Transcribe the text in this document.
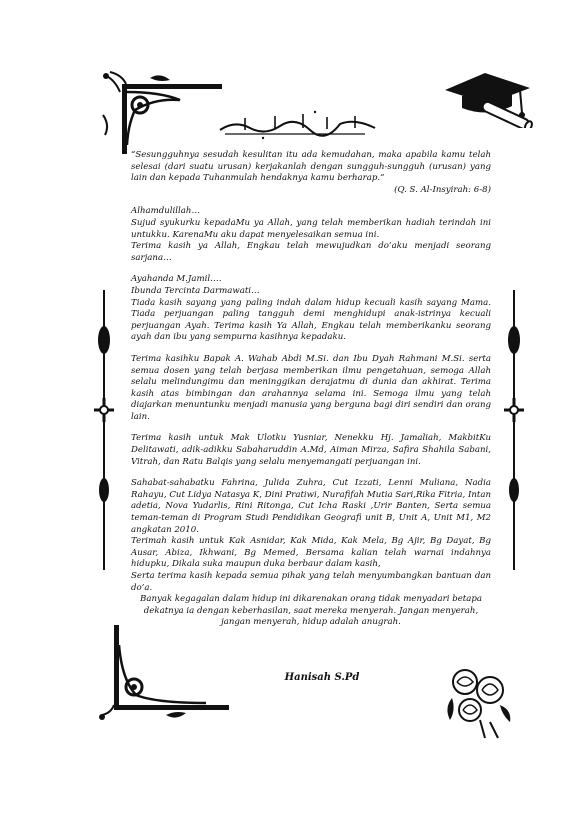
“Sesungguhnya sesudah kesulitan itu ada kemudahan, maka apabila kamu telah selesai (dari suatu urusan) kerjakanlah dengan sungguh-sungguh (urusan) yang lain dan kepada Tuhanmulah hendaknya kamu berharap.”

(Q. S. Al-Insyirah: 6-8)

Alhamdulillah…

Sujud syukurku kepadaMu ya Allah, yang telah memberikan hadiah terindah ini untukku. KarenaMu aku dapat menyelesaikan semua ini.

Terima kasih ya Allah, Engkau telah mewujudkan do’aku menjadi seorang sarjana…

Ayahanda M.Jamil….

Ibunda Tercinta Darmawati…

Tiada kasih sayang yang paling indah dalam hidup kecuali kasih sayang Mama. Tiada perjuangan paling tangguh demi menghidupi anak-istrinya kecuali perjuangan Ayah. Terima kasih Ya Allah, Engkau telah memberikanku seorang ayah dan ibu yang sempurna kasihnya kepadaku.

Terima kasihku Bapak A. Wahab Abdi M.Si. dan Ibu Dyah Rahmani M.Si. serta semua dosen yang telah berjasa memberikan ilmu pengetahuan, semoga Allah selalu melindungimu dan meninggikan derajatmu di dunia dan akhirat. Terima kasih atas bimbingan dan arahannya selama ini. Semoga ilmu yang telah diajarkan menuntunku menjadi manusia yang berguna bagi diri sendiri dan orang lain.

Terima kasih untuk Mak Ulotku Yusniar, Nenekku Hj. Jamaliah, MakbitKu Delitawati, adik-adikku Sabaharuddin A.Md, Aiman Mirza, Safira Shahila Sabani, Vitrah, dan Ratu Balqis yang selalu menyemangati perjuangan ini.

Sahabat-sahabatku Fahrina, Julida Zuhra, Cut Izzati, Lenni Muliana, Nadia Rahayu, Cut Lidya Natasya K, Dini Pratiwi, Nurafifah Mutia Sari,Rika Fitria, Intan adetia, Nova Yudarlis, Rini Ritonga, Cut Icha Raski ,Urir Banten, Serta semua teman-teman di Program Studi Pendidikan Geografi unit B, Unit A, Unit M1, M2 angkatan 2010.

Terimah kasih untuk Kak Asnidar, Kak Mida, Kak Mela, Bg Ajir, Bg Dayat, Bg Ausar, Abiza, Ikhwani, Bg Memed, Bersama kalian telah warnai indahnya hidupku, Dikala suka maupun duka berbaur dalam kasih,

Serta terima kasih kepada semua pihak yang telah menyumbangkan bantuan dan do’a.

Banyak kegagalan dalam hidup ini dikarenakan orang tidak menyadari betapa dekatnya ia dengan keberhasilan, saat mereka menyerah. Jangan menyerah, jangan menyerah, hidup adalah anugrah.

Hanisah S.Pd
